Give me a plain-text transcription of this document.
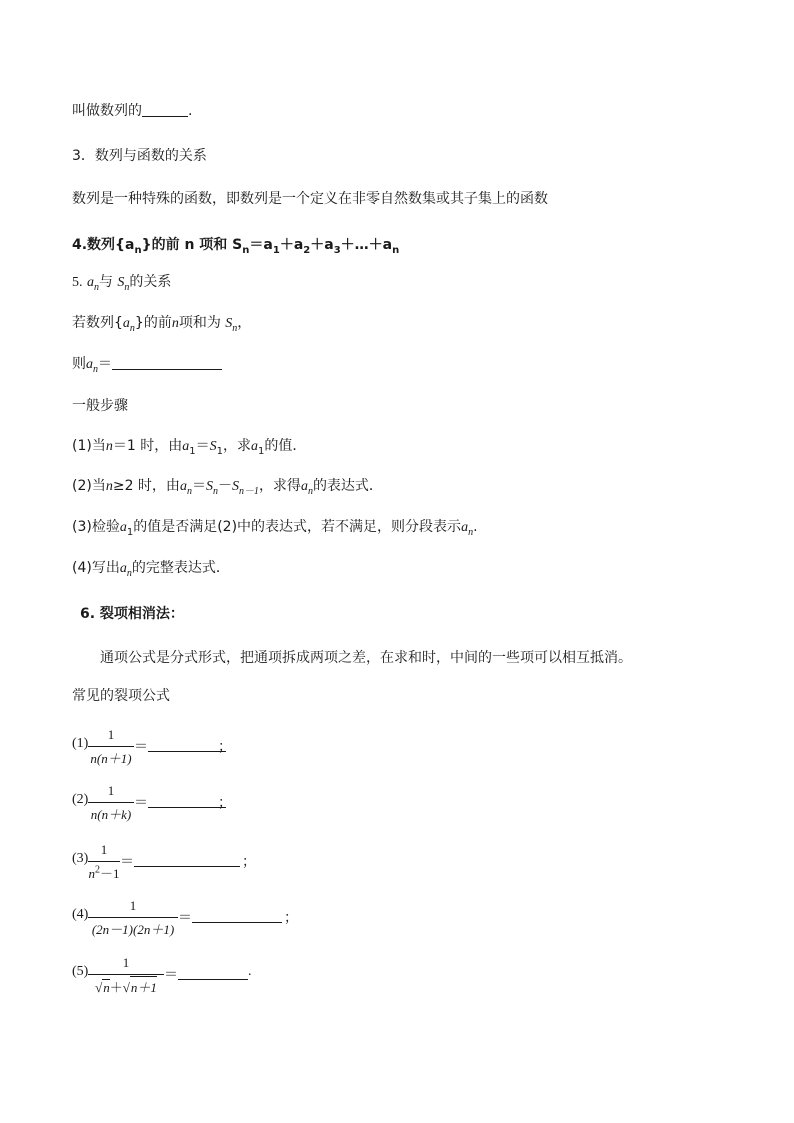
叫做数列的	.
3．数列与函数的关系
数列是一种特殊的函数，即数列是一个定义在非零自然数集或其子集上的函数
4.数列$\{a_n\}$的前 n 项和 $S_n=a_1+a_2+a_3+\dots+a_n$
5. $a_n$与 $S_n$的关系
若数列$\{a_n\}$的前n项和为 $S_n$，
则$a_n=$
一般步骤
(1)当n＝1 时，由$a_1=S_1$，求$a_1$的值．
(2)当n≥2 时，由$a_n=S_n-S_{n-1}$，求得$a_n$的表达式．
(3)检验$a_1$的值是否满足(2)中的表达式，若不满足，则分段表示$a_n$.
(4)写出$a_n$的完整表达式．
6. 裂项相消法：
通项公式是分式形式，把通项拆成两项之差，在求和时，中间的一些项可以相互抵消。
常见的裂项公式
(1)
1
n(n＋1)
＝	；
(2)
1
n(n＋k)
＝	；
(3)
1
$n^2-1$
＝	；
(4)
1
(2n－1)(2n＋1)
＝	；
(5)
1
√n＋√n＋1
＝	.
